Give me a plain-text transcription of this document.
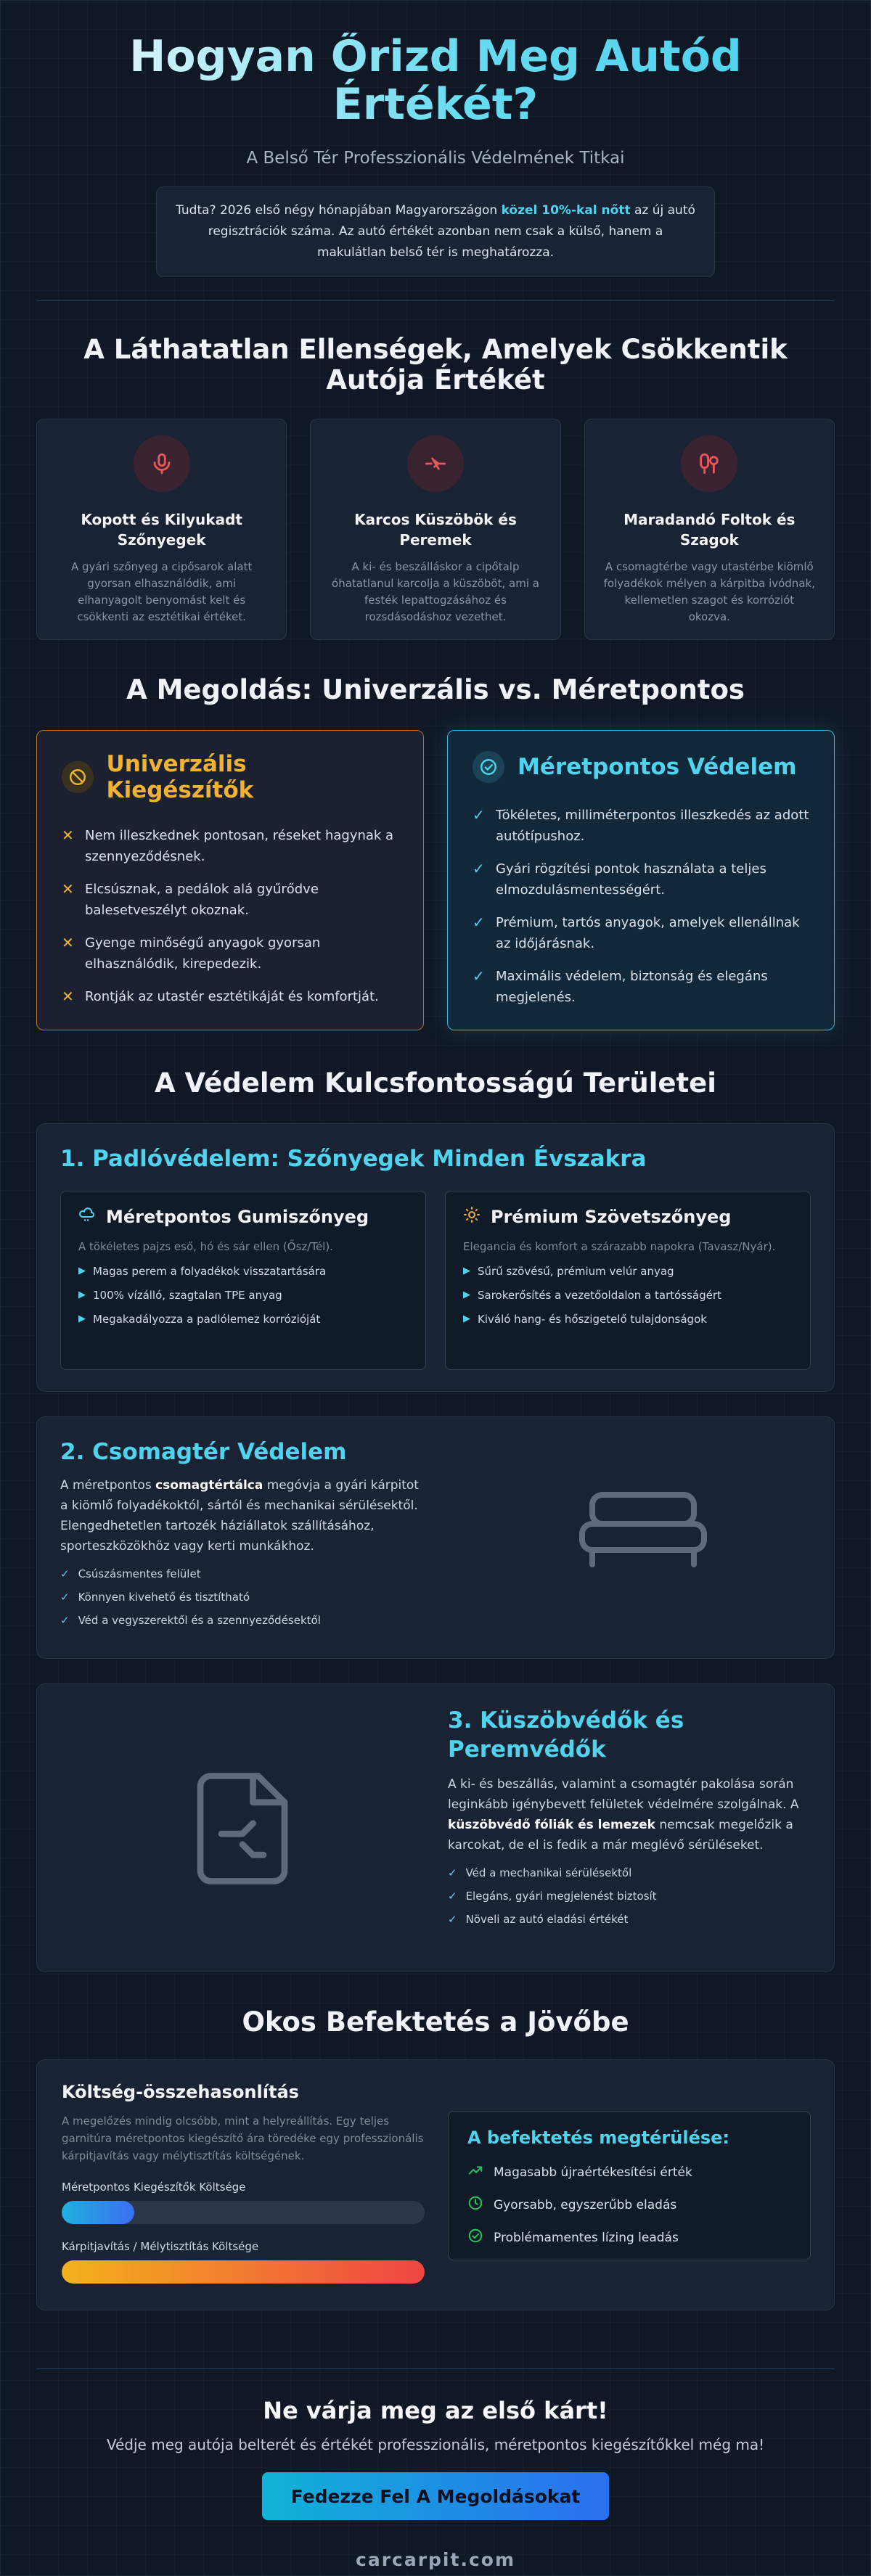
Hogyan Őrizd Meg Autód Értékét?
A Belső Tér Professzionális Védelmének Titkai
Tudta? 2026 első négy hónapjában Magyarországon közel 10%-kal nőtt az új autó regisztrációk száma. Az autó értékét azonban nem csak a külső, hanem a makulátlan belső tér is meghatározza.
A Láthatatlan Ellenségek, Amelyek Csökkentik Autója Értékét
Kopott és Kilyukadt Szőnyegek

A gyári szőnyeg a cipősarok alatt gyorsan elhasználódik, ami elhanyagolt benyomást kelt és csökkenti az esztétikai értéket.

Karcos Küszöbök és Peremek

A ki- és beszálláskor a cipőtalp óhatatlanul karcolja a küszöböt, ami a festék lepattogzásához és rozsdásodáshoz vezethet.

Maradandó Foltok és Szagok

A csomagtérbe vagy utastérbe kiömlő folyadékok mélyen a kárpitba ivódnak, kellemetlen szagot és korróziót okozva.

A Megoldás: Univerzális vs. Méretpontos
Univerzális Kiegészítők
✕ Nem illeszkednek pontosan, réseket hagynak a szennyeződésnek.
✕ Elcsúsznak, a pedálok alá gyűrődve balesetveszélyt okoznak.
✕ Gyenge minőségű anyagok gyorsan elhasználódik, kirepedezik.
✕ Rontják az utastér esztétikáját és komfortját.
Méretpontos Védelem
✓ Tökéletes, milliméterpontos illeszkedés az adott autótípushoz.
✓ Gyári rögzítési pontok használata a teljes elmozdulásmentességért.
✓ Prémium, tartós anyagok, amelyek ellenállnak az időjárásnak.
✓ Maximális védelem, biztonság és elegáns megjelenés.
A Védelem Kulcsfontosságú Területei
1. Padlóvédelem: Szőnyegek Minden Évszakra
Méretpontos Gumiszőnyeg
A tökéletes pajzs eső, hó és sár ellen (Ősz/Tél).
▶ Magas perem a folyadékok visszatartására
▶ 100% vízálló, szagtalan TPE anyag
▶ Megakadályozza a padlólemez korrózióját
Prémium Szövetszőnyeg
Elegancia és komfort a szárazabb napokra (Tavasz/Nyár).
▶ Sűrű szövésű, prémium velúr anyag
▶ Sarokerősítés a vezetőoldalon a tartósságért
▶ Kiváló hang- és hőszigetelő tulajdonságok
2. Csomagtér Védelem

A méretpontos csomagtértálca megóvja a gyári kárpitot a kiömlő folyadékoktól, sártól és mechanikai sérülésektől. Elengedhetetlen tartozék háziállatok szállításához, sporteszközökhöz vagy kerti munkákhoz.

✓ Csúszásmentes felület
✓ Könnyen kivehető és tisztítható
✓ Véd a vegyszerektől és a szennyeződésektől
3. Küszöbvédők és Peremvédők

A ki- és beszállás, valamint a csomagtér pakolása során leginkább igénybevett felületek védelmére szolgálnak. A küszöbvédő fóliák és lemezek nemcsak megelőzik a karcokat, de el is fedik a már meglévő sérüléseket.

✓ Véd a mechanikai sérülésektől
✓ Elegáns, gyári megjelenést biztosít
✓ Növeli az autó eladási értékét
Okos Befektetés a Jövőbe
Költség-összehasonlítás
A megelőzés mindig olcsóbb, mint a helyreállítás. Egy teljes garnitúra méretpontos kiegészítő ára töredéke egy professzionális kárpitjavítás vagy mélytisztítás költségének.
Méretpontos Kiegészítők Költsége
Kárpitjavítás / Mélytisztítás Költsége
A befektetés megtérülése:
Magasabb újraértékesítési érték
Gyorsabb, egyszerűbb eladás
Problémamentes lízing leadás
Ne várja meg az első kárt!
Védje meg autója belterét és értékét professzionális, méretpontos kiegészítőkkel még ma!
Fedezze Fel A Megoldásokat
carcarpit.com
